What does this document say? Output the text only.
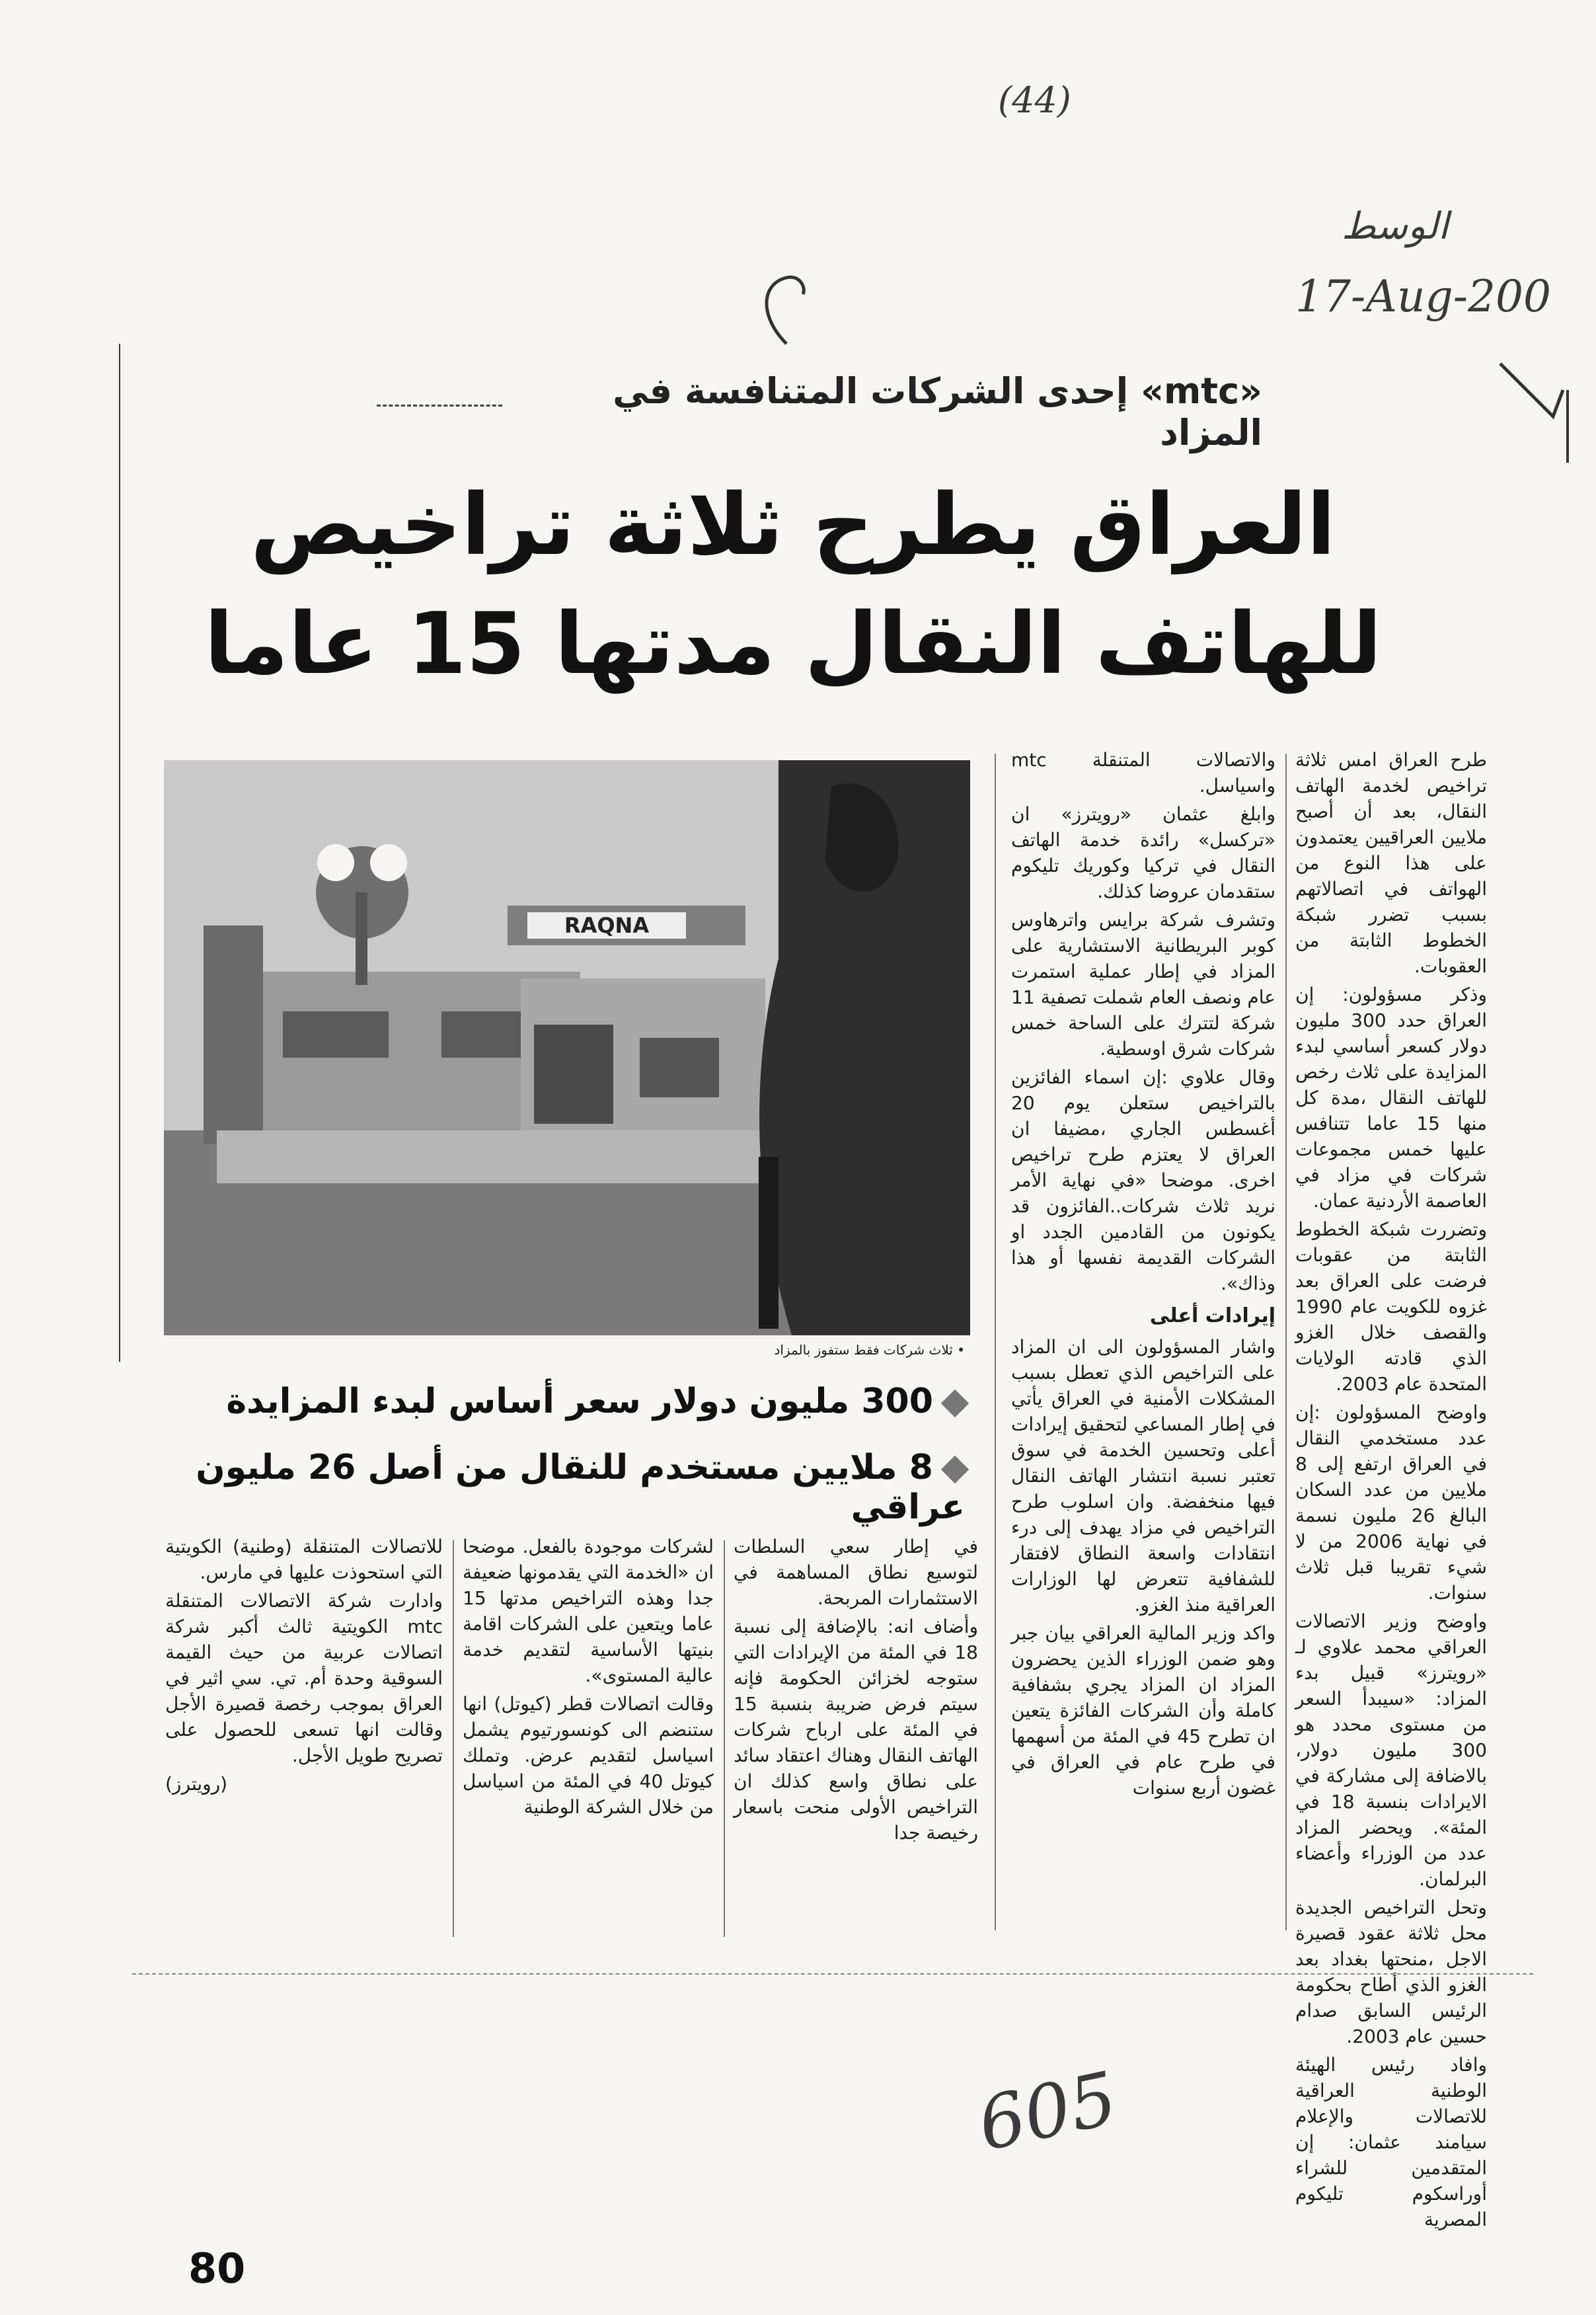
(44)
الوسط
17-Aug-200
«mtc» إحدى الشركات المتنافسة في المزاد
العراق يطرح ثلاثة تراخيص
للهاتف النقال مدتها 15 عاما
RAQNA
• ثلاث شركات فقط ستفوز بالمزاد

طرح العراق امس ثلاثة تراخيص لخدمة الهاتف النقال، بعد أن أصبح ملايين العراقيين يعتمدون على هذا النوع من الهواتف في اتصالاتهم بسبب تضرر شبكة الخطوط الثابتة من العقوبات.

وذكر مسؤولون: إن العراق حدد 300 مليون دولار كسعر أساسي لبدء المزايدة على ثلاث رخص للهاتف النقال ،مدة كل منها 15 عاما تتنافس عليها خمس مجموعات شركات في مزاد في العاصمة الأردنية عمان.

وتضررت شبكة الخطوط الثابتة من عقوبات فرضت على العراق بعد غزوه للكويت عام 1990 والقصف خلال الغزو الذي قادته الولايات المتحدة عام 2003.

واوضح المسؤولون :إن عدد مستخدمي النقال في العراق ارتفع إلى 8 ملايين من عدد السكان البالغ 26 مليون نسمة في نهاية 2006 من لا شيء تقريبا قبل ثلاث سنوات.

واوضح وزير الاتصالات العراقي محمد علاوي لـ «رويترز» قبيل بدء المزاد: «سيبدأ السعر من مستوى محدد هو 300 مليون دولار، بالاضافة إلى مشاركة في الايرادات بنسبة 18 في المئة». ويحضر المزاد عدد من الوزراء وأعضاء البرلمان.

وتحل التراخيص الجديدة محل ثلاثة عقود قصيرة الاجل ،منحتها بغداد بعد الغزو الذي أطاح بحكومة الرئيس السابق صدام حسين عام 2003.

وافاد رئيس الهيئة الوطنية العراقية للاتصالات والإعلام سيامند عثمان: إن المتقدمين للشراء أوراسكوم تليكوم المصرية

والاتصالات المتنقلة mtc واسياسل.

وابلغ عثمان «رويترز» ان «تركسل» رائدة خدمة الهاتف النقال في تركيا وكوريك تليكوم ستقدمان عروضا كذلك.

وتشرف شركة برايس واترهاوس كوبر البريطانية الاستشارية على المزاد في إطار عملية استمرت عام ونصف العام شملت تصفية 11 شركة لتترك على الساحة خمس شركات شرق اوسطية.

وقال علاوي :إن اسماء الفائزين بالتراخيص ستعلن يوم 20 أغسطس الجاري ،مضيفا ان العراق لا يعتزم طرح تراخيص اخرى. موضحا «في نهاية الأمر نريد ثلاث شركات..الفائزون قد يكونون من القادمين الجدد او الشركات القديمة نفسها أو هذا وذاك».

إيرادات أعلى

واشار المسؤولون الى ان المزاد على التراخيص الذي تعطل بسبب المشكلات الأمنية في العراق يأتي في إطار المساعي لتحقيق إيرادات أعلى وتحسين الخدمة في سوق تعتبر نسبة انتشار الهاتف النقال فيها منخفضة. وان اسلوب طرح التراخيص في مزاد يهدف إلى درء انتقادات واسعة النطاق لافتقار للشفافية تتعرض لها الوزارات العراقية منذ الغزو.

واكد وزير المالية العراقي بيان جبر وهو ضمن الوزراء الذين يحضرون المزاد ان المزاد يجري بشفافية كاملة وأن الشركات الفائزة يتعين ان تطرح 45 في المئة من أسهمها في طرح عام في العراق في غضون أربع سنوات

300 مليون دولار سعر أساس لبدء المزايدة
8 ملايين مستخدم للنقال من أصل 26 مليون عراقي

في إطار سعي السلطات لتوسيع نطاق المساهمة في الاستثمارات المربحة.

وأضاف انه: بالإضافة إلى نسبة 18 في المئة من الإيرادات التي ستوجه لخزائن الحكومة فإنه سيتم فرض ضريبة بنسبة 15 في المئة على ارباح شركات الهاتف النقال وهناك اعتقاد سائد على نطاق واسع كذلك ان التراخيص الأولى منحت باسعار رخيصة جدا

لشركات موجودة بالفعل. موضحا ان «الخدمة التي يقدمونها ضعيفة جدا وهذه التراخيص مدتها 15 عاما ويتعين على الشركات اقامة بنيتها الأساسية لتقديم خدمة عالية المستوى».

وقالت اتصالات قطر (كيوتل) انها ستنضم الى كونسورتيوم يشمل اسياسل لتقديم عرض. وتملك كيوتل 40 في المئة من اسياسل من خلال الشركة الوطنية

للاتصالات المتنقلة (وطنية) الكويتية التي استحوذت عليها في مارس.

وادارت شركة الاتصالات المتنقلة mtc الكويتية ثالث أكبر شركة اتصالات عربية من حيث القيمة السوقية وحدة أم. تي. سي اثير في العراق بموجب رخصة قصيرة الأجل وقالت انها تسعى للحصول على تصريح طويل الأجل.

(رويترز)

605
80
